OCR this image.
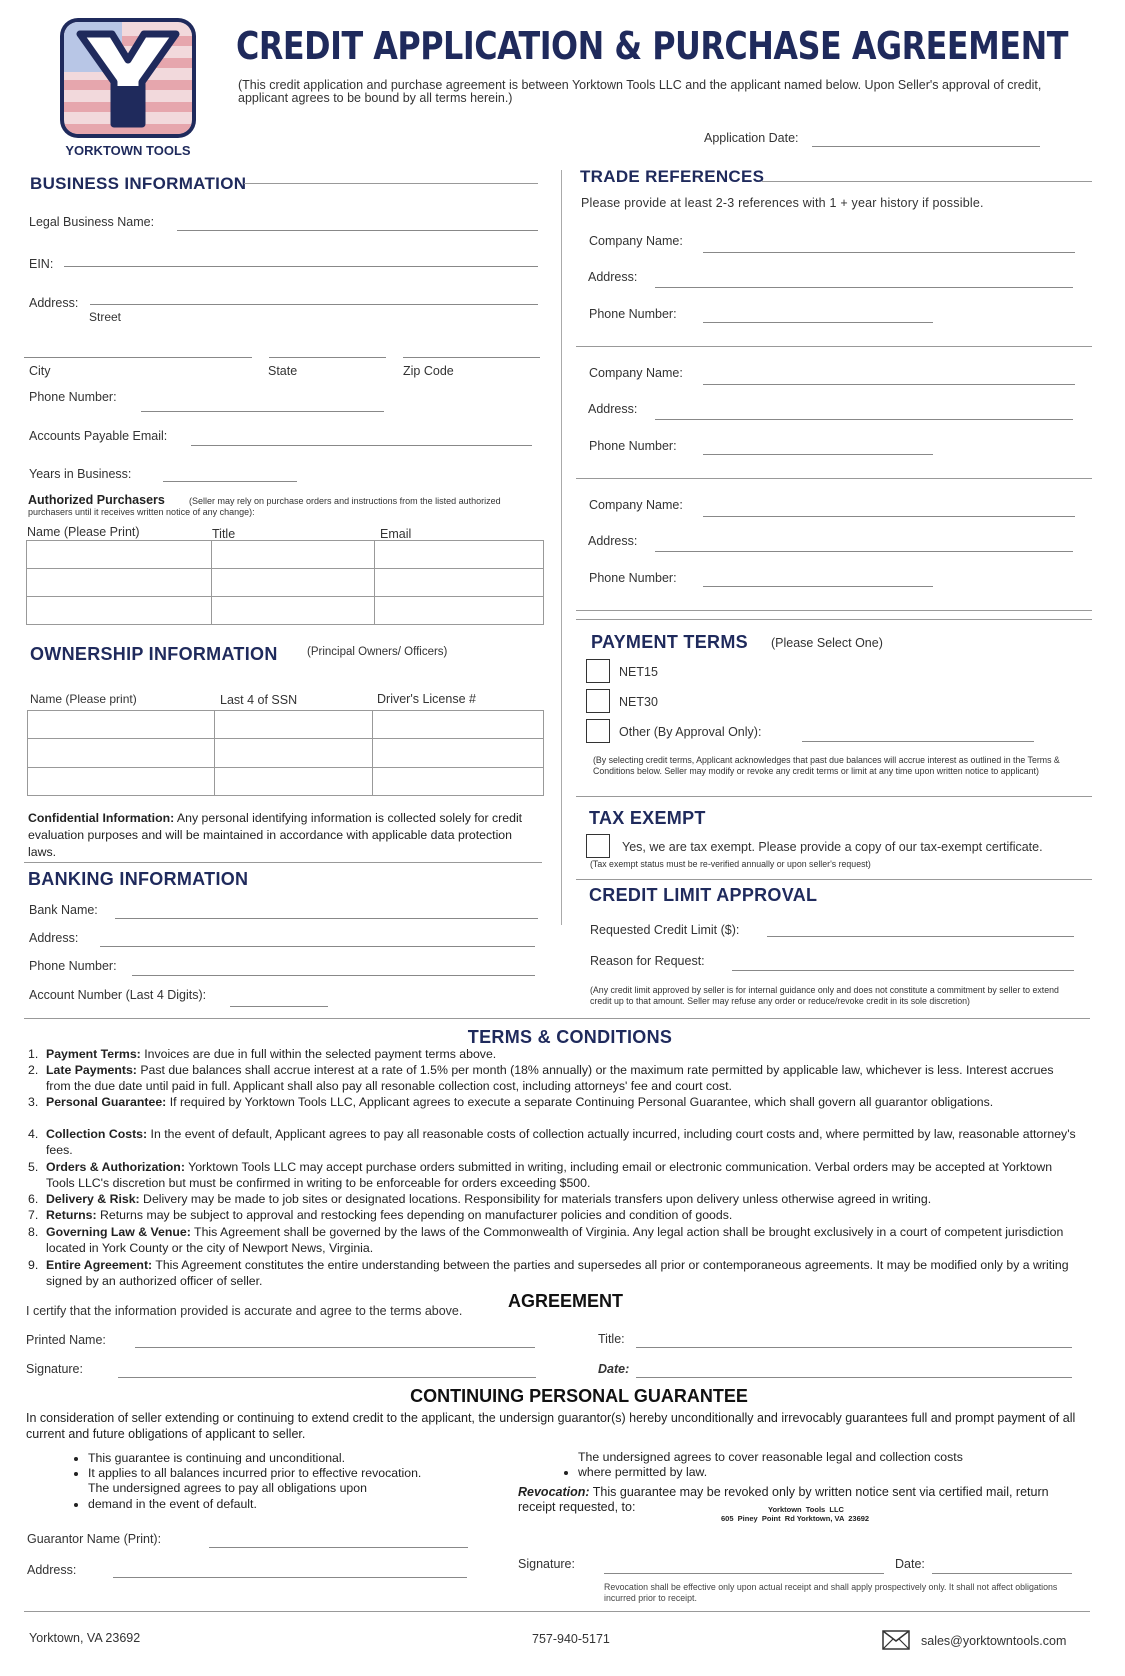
YORKTOWN TOOLS
CREDIT APPLICATION & PURCHASE AGREEMENT
(This credit application and purchase agreement is between Yorktown Tools LLC and the applicant named below. Upon Seller's approval of credit, applicant agrees to be bound by all terms herein.)
Application Date:
BUSINESS INFORMATION
Legal Business Name:
EIN:
Address:
Street
City	State	Zip Code
Phone Number:
Accounts Payable Email:
Years in Business:
Authorized Purchasers	(Seller may rely on purchase orders and instructions from the listed authorized purchasers until it receives written notice of any change):
Name (Please Print)	Title	Email

OWNERSHIP INFORMATION	(Principal Owners/ Officers)
Name (Please print)	Last 4 of SSN	Driver's License #

Confidential Information: Any personal identifying information is collected solely for credit evaluation purposes and will be maintained in accordance with applicable data protection laws.
BANKING INFORMATION
Bank Name:
Address:
Phone Number:
Account Number (Last 4 Digits):
TRADE REFERENCES
Please provide at least 2-3 references with 1 + year history if possible.
Company Name:
Address:
Phone Number:
Company Name:
Address:
Phone Number:
Company Name:
Address:
Phone Number:
PAYMENT TERMS (Please Select One)
NET15
NET30
Other (By Approval Only):
(By selecting credit terms, Applicant acknowledges that past due balances will accrue interest as outlined in the Terms & Conditions below. Seller may modify or revoke any credit terms or limit at any time upon written notice to applicant)
TAX EXEMPT
Yes, we are tax exempt. Please provide a copy of our tax-exempt certificate.
(Tax exempt status must be re-verified annually or upon seller's request)
CREDIT LIMIT APPROVAL
Requested Credit Limit ($):
Reason for Request:
(Any credit limit approved by seller is for internal guidance only and does not constitute a commitment by seller to extend credit up to that amount. Seller may refuse any order or reduce/revoke credit in its sole discretion)
TERMS & CONDITIONS
1. Payment Terms: Invoices are due in full within the selected payment terms above.
2. Late Payments: Past due balances shall accrue interest at a rate of 1.5% per month (18% annually) or the maximum rate permitted by applicable law, whichever is less. Interest accrues from the due date until paid in full. Applicant shall also pay all resonable collection cost, including attorneys' fee and court cost.
3. Personal Guarantee: If required by Yorktown Tools LLC, Applicant agrees to execute a separate Continuing Personal Guarantee, which shall govern all guarantor obligations.
4. Collection Costs: In the event of default, Applicant agrees to pay all reasonable costs of collection actually incurred, including court costs and, where permitted by law, reasonable attorney's fees.
5. Orders & Authorization: Yorktown Tools LLC may accept purchase orders submitted in writing, including email or electronic communication. Verbal orders may be accepted at Yorktown Tools LLC's discretion but must be confirmed in writing to be enforceable for orders exceeding $500.
6. Delivery & Risk: Delivery may be made to job sites or designated locations. Responsibility for materials transfers upon delivery unless otherwise agreed in writing.
7. Returns: Returns may be subject to approval and restocking fees depending on manufacturer policies and condition of goods.
8. Governing Law & Venue: This Agreement shall be governed by the laws of the Commonwealth of Virginia. Any legal action shall be brought exclusively in a court of competent jurisdiction located in York County or the city of Newport News, Virginia.
9. Entire Agreement: This Agreement constitutes the entire understanding between the parties and supersedes all prior or contemporaneous agreements. It may be modified only by a writing signed by an authorized officer of seller.
AGREEMENT
I certify that the information provided is accurate and agree to the terms above.
Printed Name:	Title:
Signature:	Date:
CONTINUING PERSONAL GUARANTEE
In consideration of seller extending or continuing to extend credit to the applicant, the undersign guarantor(s) hereby unconditionally and irrevocably guarantees full and prompt payment of all current and future obligations of applicant to seller.
• This guarantee is continuing and unconditional.
• It applies to all balances incurred prior to effective revocation.
• The undersigned agrees to pay all obligations upon demand in the event of default.
• The undersigned agrees to cover reasonable legal and collection costs where permitted by law.
Revocation: This guarantee may be revoked only by written notice sent via certified mail, return receipt requested, to:	Yorktown  Tools  LLC
605  Piney  Point  Rd Yorktown, VA  23692
Guarantor Name (Print):
Address:	Signature:	Date:
Revocation shall be effective only upon actual receipt and shall apply prospectively only. It shall not affect obligations incurred prior to receipt.
Yorktown, VA 23692	757-940-5171	sales@yorktowntools.com
